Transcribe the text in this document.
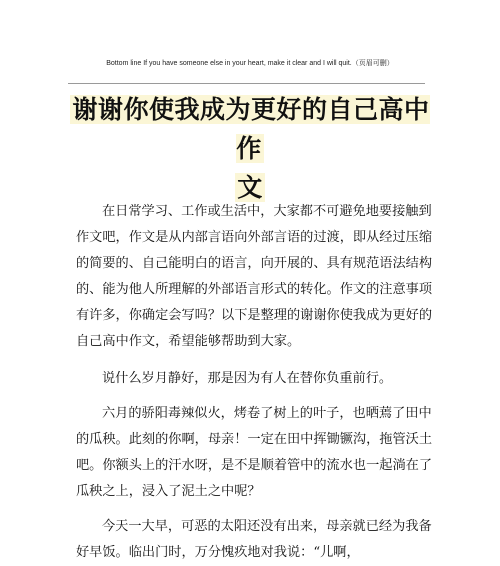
Bottom line If you have someone else in your heart, make it clear and I will quit.（页眉可删）
谢谢你使我成为更好的自己高中作
文
在日常学习、工作或生活中，大家都不可避免地要接触到
作文吧，作文是从内部言语向外部言语的过渡，即从经过压缩
的简要的、自己能明白的语言，向开展的、具有规范语法结构
的、能为他人所理解的外部语言形式的转化。作文的注意事项
有许多，你确定会写吗？以下是整理的谢谢你使我成为更好的
自己高中作文，希望能够帮助到大家。
说什么岁月静好，那是因为有人在替你负重前行。
六月的骄阳毒辣似火，烤卷了树上的叶子，也晒蔫了田中
的瓜秧。此刻的你啊，母亲！一定在田中挥锄镢沟，拖管沃土
吧。你额头上的汗水呀，是不是顺着管中的流水也一起淌在了
瓜秧之上，浸入了泥土之中呢？
今天一大早，可恶的太阳还没有出来，母亲就已经为我备
好早饭。临出门时，万分愧疚地对我说：“儿啊，
